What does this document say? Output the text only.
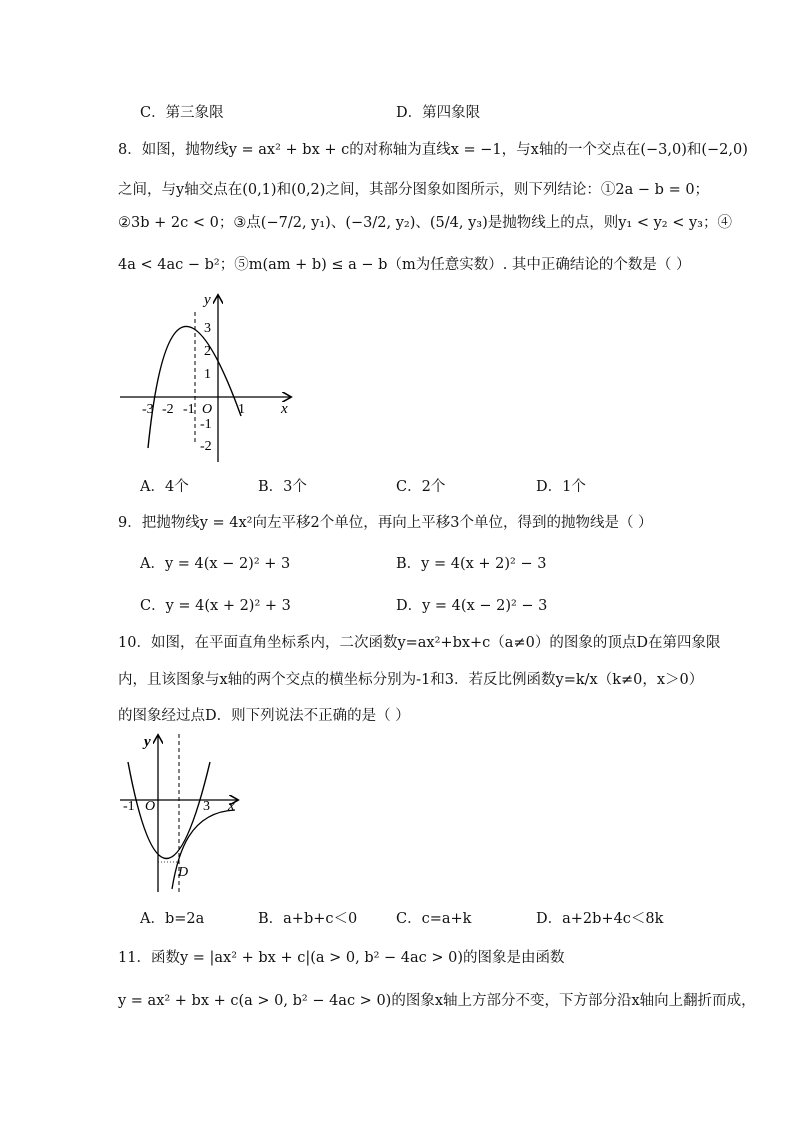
C．第三象限	D．第四象限
8．如图，抛物线y = ax² + bx + c的对称轴为直线x = −1，与x轴的一个交点在(−3,0)和(−2,0)
之间，与y轴交点在(0,1)和(0,2)之间，其部分图象如图所示，则下列结论：①2a − b = 0；
②3b + 2c < 0；③点(−7/2, y₁)、(−3/2, y₂)、(5/4, y₃)是抛物线上的点，则y₁ < y₂ < y₃；④
4a < 4ac − b²；⑤m(am + b) ≤ a − b（m为任意实数）. 其中正确结论的个数是（ ）
-3 -2 -1	1
O	x
y
3
2
1
-1
-2
A．4个	B．3个	C．2个	D．1个
9．把抛物线y = 4x²向左平移2个单位，再向上平移3个单位，得到的抛物线是（ ）
A．y = 4(x − 2)² + 3	B．y = 4(x + 2)² − 3
C．y = 4(x + 2)² + 3	D．y = 4(x − 2)² − 3
10．如图，在平面直角坐标系内，二次函数y=ax²+bx+c（a≠0）的图象的顶点D在第四象限
内，且该图象与x轴的两个交点的横坐标分别为-1和3．若反比例函数y=k/x（k≠0，x＞0）
的图象经过点D．则下列说法不正确的是（ ）
-1 O	3 x
y
D
A．b=2a	B．a+b+c＜0	C．c=a+k	D．a+2b+4c＜8k
11．函数y = |ax² + bx + c|(a > 0, b² − 4ac > 0)的图象是由函数
y = ax² + bx + c(a > 0, b² − 4ac > 0)的图象x轴上方部分不变，下方部分沿x轴向上翻折而成，
